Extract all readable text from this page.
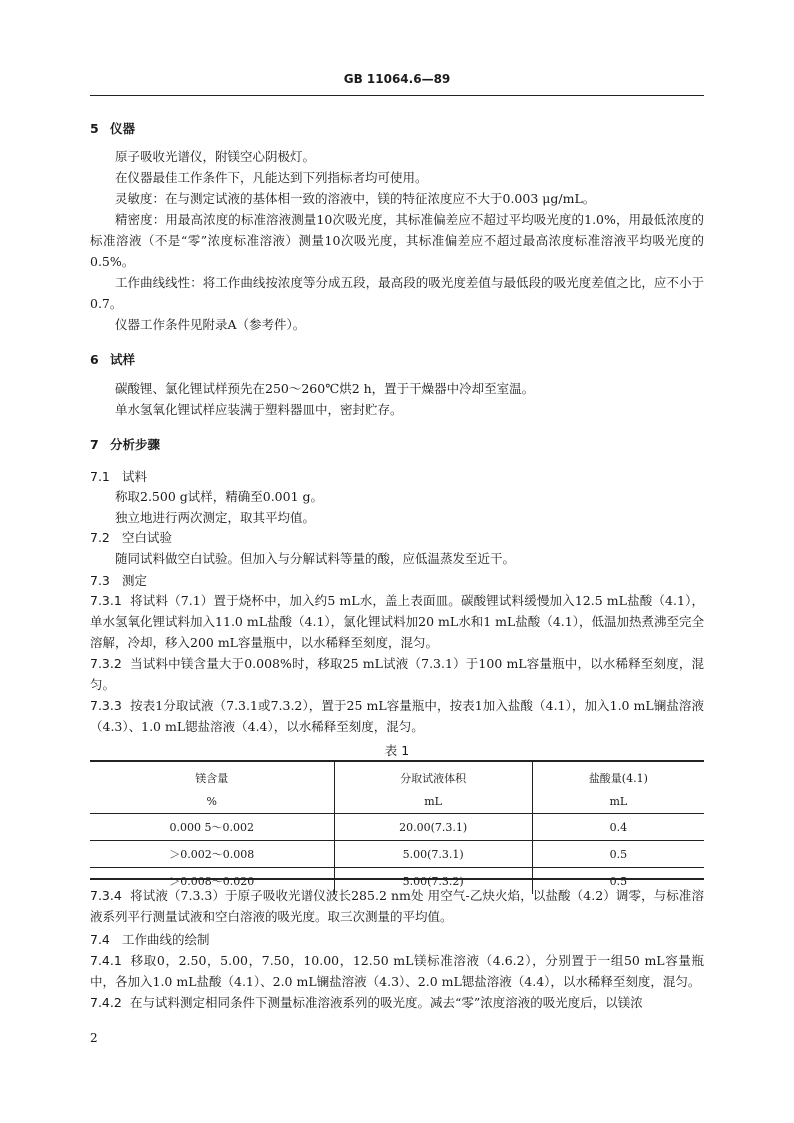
GB 11064.6—89
5 仪器

原子吸收光谱仪，附镁空心阴极灯。

在仪器最佳工作条件下，凡能达到下列指标者均可使用。

灵敏度：在与测定试液的基体相一致的溶液中，镁的特征浓度应不大于0.003 μg/mL。

精密度：用最高浓度的标准溶液测量10次吸光度，其标准偏差应不超过平均吸光度的1.0%，用最低浓度的标准溶液（不是“零”浓度标准溶液）测量10次吸光度，其标准偏差应不超过最高浓度标准溶液平均吸光度的0.5%。

工作曲线线性：将工作曲线按浓度等分成五段，最高段的吸光度差值与最低段的吸光度差值之比，应不小于0.7。

仪器工作条件见附录A（参考件）。

6 试样

碳酸锂、氯化锂试样预先在250～260℃烘2 h，置于干燥器中冷却至室温。

单水氢氧化锂试样应装满于塑料器皿中，密封贮存。

7 分析步骤
7.1 试料

称取2.500 g试样，精确至0.001 g。

独立地进行两次测定，取其平均值。

7.2 空白试验

随同试料做空白试验。但加入与分解试料等量的酸，应低温蒸发至近干。

7.3 测定

7.3.1 将试料（7.1）置于烧杯中，加入约5 mL水，盖上表面皿。碳酸锂试料缓慢加入12.5 mL盐酸（4.1），单水氢氧化锂试料加入11.0 mL盐酸（4.1），氯化锂试料加20 mL水和1 mL盐酸（4.1），低温加热煮沸至完全溶解，冷却，移入200 mL容量瓶中，以水稀释至刻度，混匀。

7.3.2 当试料中镁含量大于0.008%时，移取25 mL试液（7.3.1）于100 mL容量瓶中，以水稀释至刻度，混匀。

7.3.3 按表1分取试液（7.3.1或7.3.2），置于25 mL容量瓶中，按表1加入盐酸（4.1），加入1.0 mL镧盐溶液（4.3）、1.0 mL锶盐溶液（4.4），以水稀释至刻度，混匀。

表 1
镁含量	分取试液体积	盐酸量(4.1)
%	mL	mL
0.000 5～0.002	20.00(7.3.1)	0.4
＞0.002～0.008	5.00(7.3.1)	0.5
＞0.008～0.020	5.00(7.3.2)	0.5

7.3.4 将试液（7.3.3）于原子吸收光谱仪波长285.2 nm处 用空气-乙炔火焰，以盐酸（4.2）调零，与标准溶液系列平行测量试液和空白溶液的吸光度。取三次测量的平均值。

7.4 工作曲线的绘制

7.4.1 移取0，2.50，5.00，7.50，10.00，12.50 mL镁标准溶液（4.6.2），分别置于一组50 mL容量瓶中，各加入1.0 mL盐酸（4.1）、2.0 mL镧盐溶液（4.3）、2.0 mL锶盐溶液（4.4），以水稀释至刻度，混匀。

7.4.2 在与试料测定相同条件下测量标准溶液系列的吸光度。减去“零”浓度溶液的吸光度后，以镁浓

2
